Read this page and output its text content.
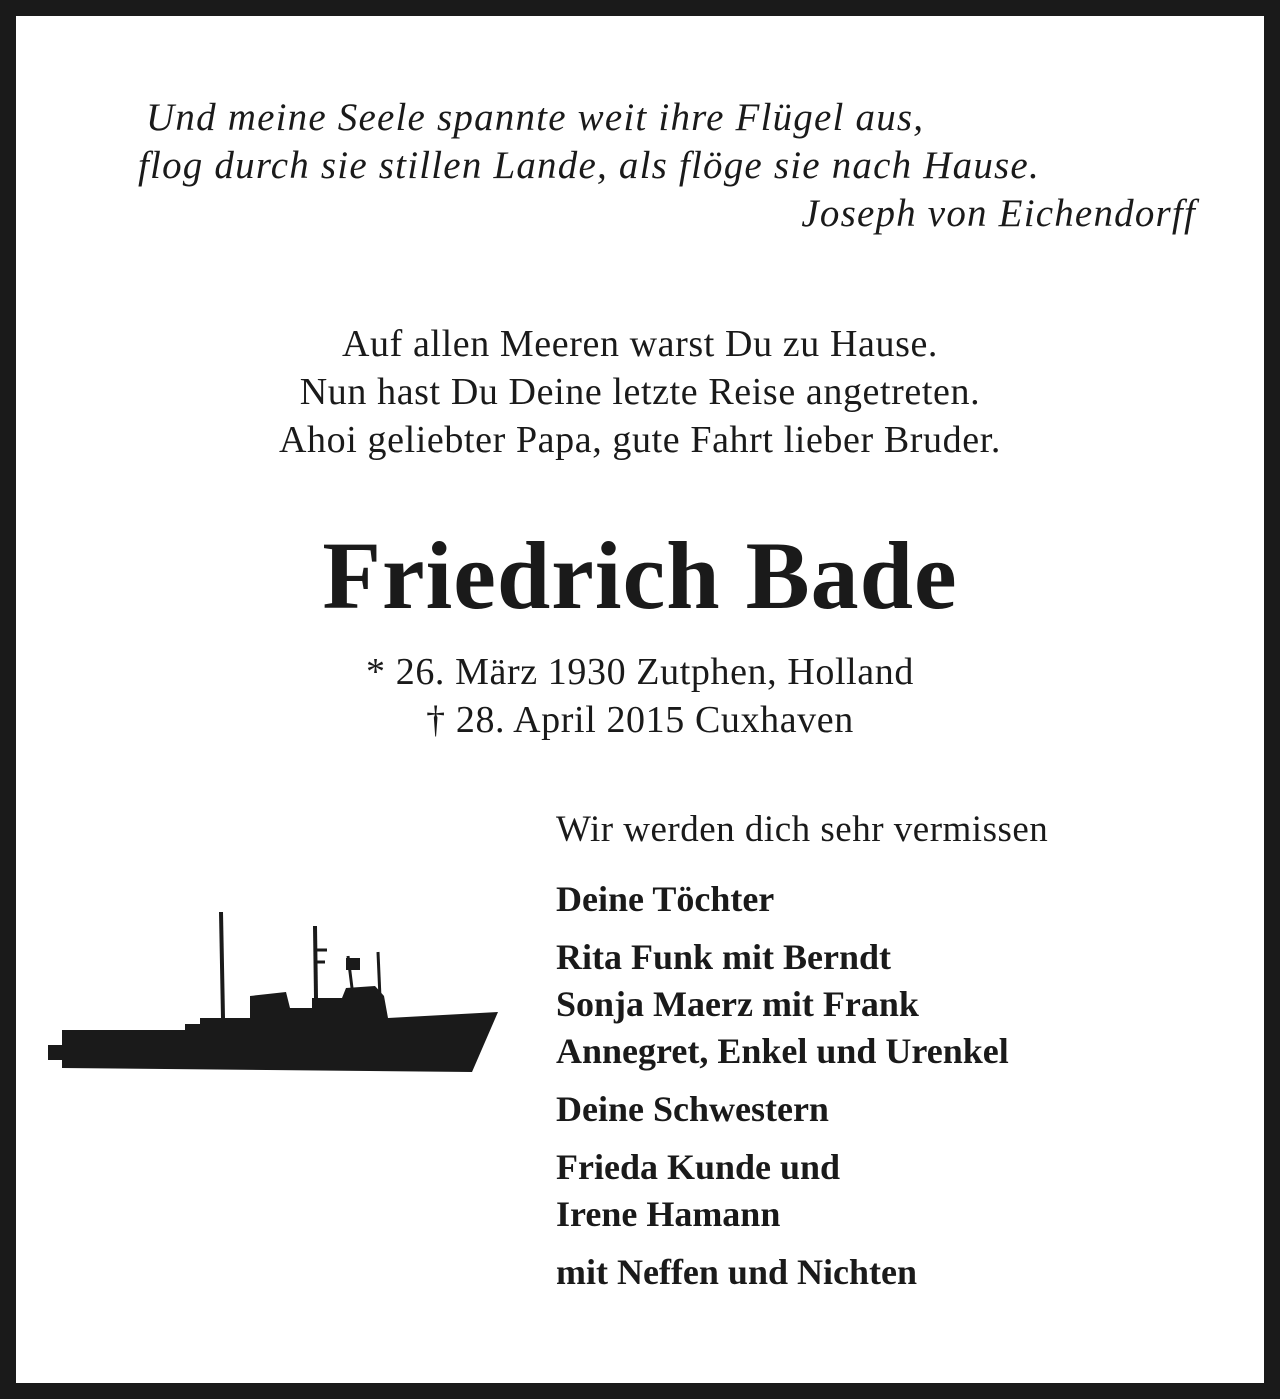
Und meine Seele spannte weit ihre Flügel aus,
flog durch sie stillen Lande, als flöge sie nach Hause.
Joseph von Eichendorff
Auf allen Meeren warst Du zu Hause.
Nun hast Du Deine letzte Reise angetreten.
Ahoi geliebter Papa, gute Fahrt lieber Bruder.
Friedrich Bade
* 26. März 1930 Zutphen, Holland
† 28. April 2015 Cuxhaven
Wir werden dich sehr vermissen
Deine Töchter
Rita Funk mit Berndt
Sonja Maerz mit Frank
Annegret, Enkel und Urenkel
Deine Schwestern
Frieda Kunde und
Irene Hamann
mit Neffen und Nichten
